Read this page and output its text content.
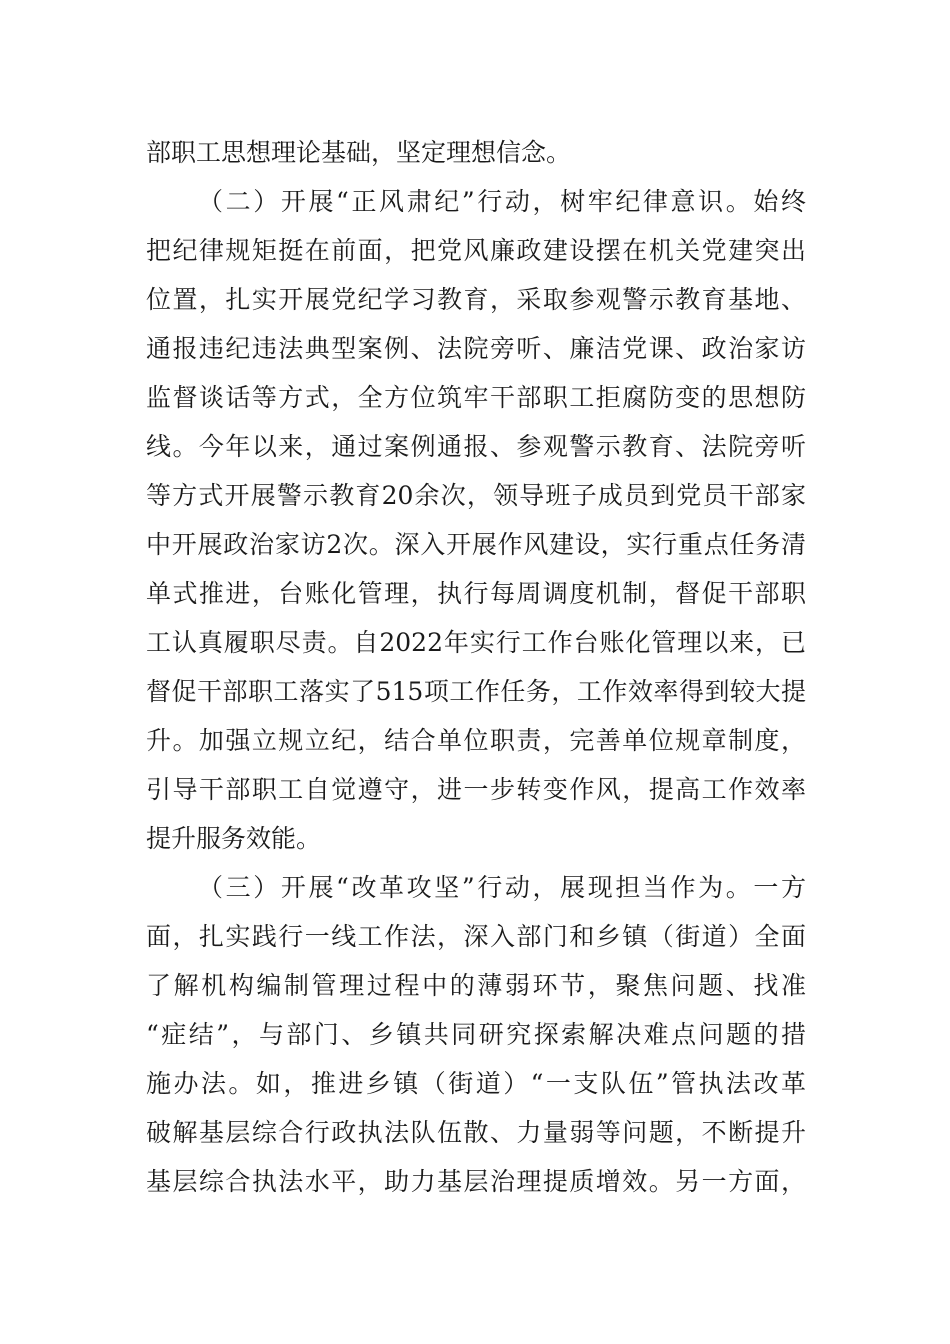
部职工思想理论基础，坚定理想信念。
（二）开展“正风肃纪”行动，树牢纪律意识。始终
把纪律规矩挺在前面，把党风廉政建设摆在机关党建突出
位置，扎实开展党纪学习教育，采取参观警示教育基地、
通报违纪违法典型案例、法院旁听、廉洁党课、政治家访
监督谈话等方式，全方位筑牢干部职工拒腐防变的思想防
线。今年以来，通过案例通报、参观警示教育、法院旁听
等方式开展警示教育20余次，领导班子成员到党员干部家
中开展政治家访2次。深入开展作风建设，实行重点任务清
单式推进，台账化管理，执行每周调度机制，督促干部职
工认真履职尽责。自2022年实行工作台账化管理以来，已
督促干部职工落实了515项工作任务，工作效率得到较大提
升。加强立规立纪，结合单位职责，完善单位规章制度，
引导干部职工自觉遵守，进一步转变作风，提高工作效率
提升服务效能。
（三）开展“改革攻坚”行动，展现担当作为。一方
面，扎实践行一线工作法，深入部门和乡镇（街道）全面
了解机构编制管理过程中的薄弱环节，聚焦问题、找准
“症结”，与部门、乡镇共同研究探索解决难点问题的措
施办法。如，推进乡镇（街道）“一支队伍”管执法改革
破解基层综合行政执法队伍散、力量弱等问题，不断提升
基层综合执法水平，助力基层治理提质增效。另一方面，
